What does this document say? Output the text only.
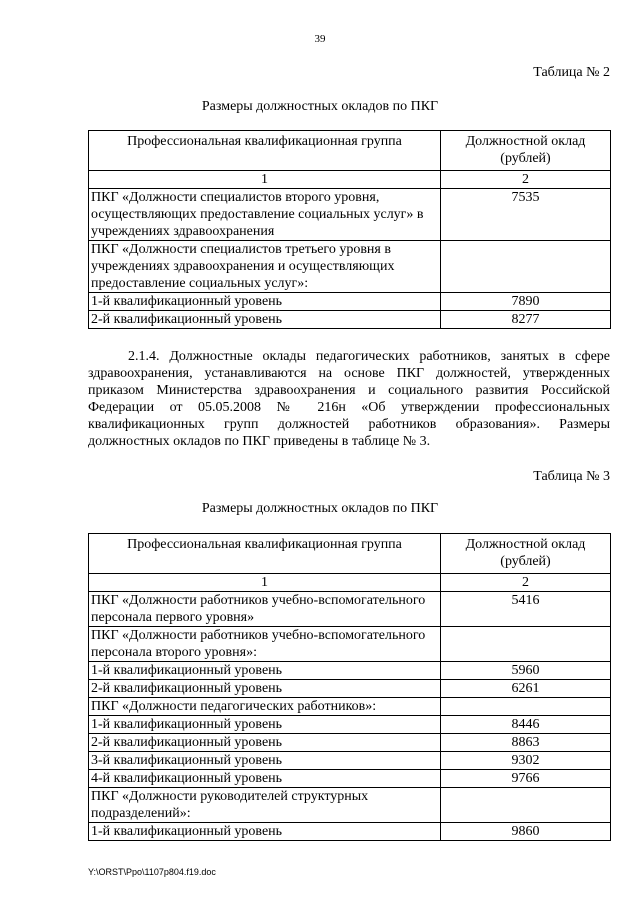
39
Таблица № 2
Размеры должностных окладов по ПКГ
Профессиональная квалификационная группа	Должностной оклад (рублей)
1	2
ПКГ «Должности специалистов второго уровня, осуществляющих предоставление социальных услуг» в учреждениях здравоохранения	7535
ПКГ «Должности специалистов третьего уровня в учреждениях здравоохранения и осуществляющих предоставление социальных услуг»:	
1-й квалификационный уровень	7890
2-й квалификационный уровень	8277
2.1.4. Должностные оклады педагогических работников, занятых в сфере здравоохранения, устанавливаются на основе ПКГ должностей, утвержденных приказом Министерства здравоохранения и социального развития Российской Федерации от 05.05.2008 № 216н «Об утверждении профессиональных квалификационных групп должностей работников образования». Размеры должностных окладов по ПКГ приведены в таблице № 3.
Таблица № 3
Размеры должностных окладов по ПКГ
Профессиональная квалификационная группа	Должностной оклад (рублей)
1	2
ПКГ «Должности работников учебно-вспомогательного персонала первого уровня»	5416
ПКГ «Должности работников учебно-вспомогательного персонала второго уровня»:	
1-й квалификационный уровень	5960
2-й квалификационный уровень	6261
ПКГ «Должности педагогических работников»:	
1-й квалификационный уровень	8446
2-й квалификационный уровень	8863
3-й квалификационный уровень	9302
4-й квалификационный уровень	9766
ПКГ «Должности руководителей структурных подразделений»:	
1-й квалификационный уровень	9860
Y:\ORST\Ppo\1107p804.f19.doc
